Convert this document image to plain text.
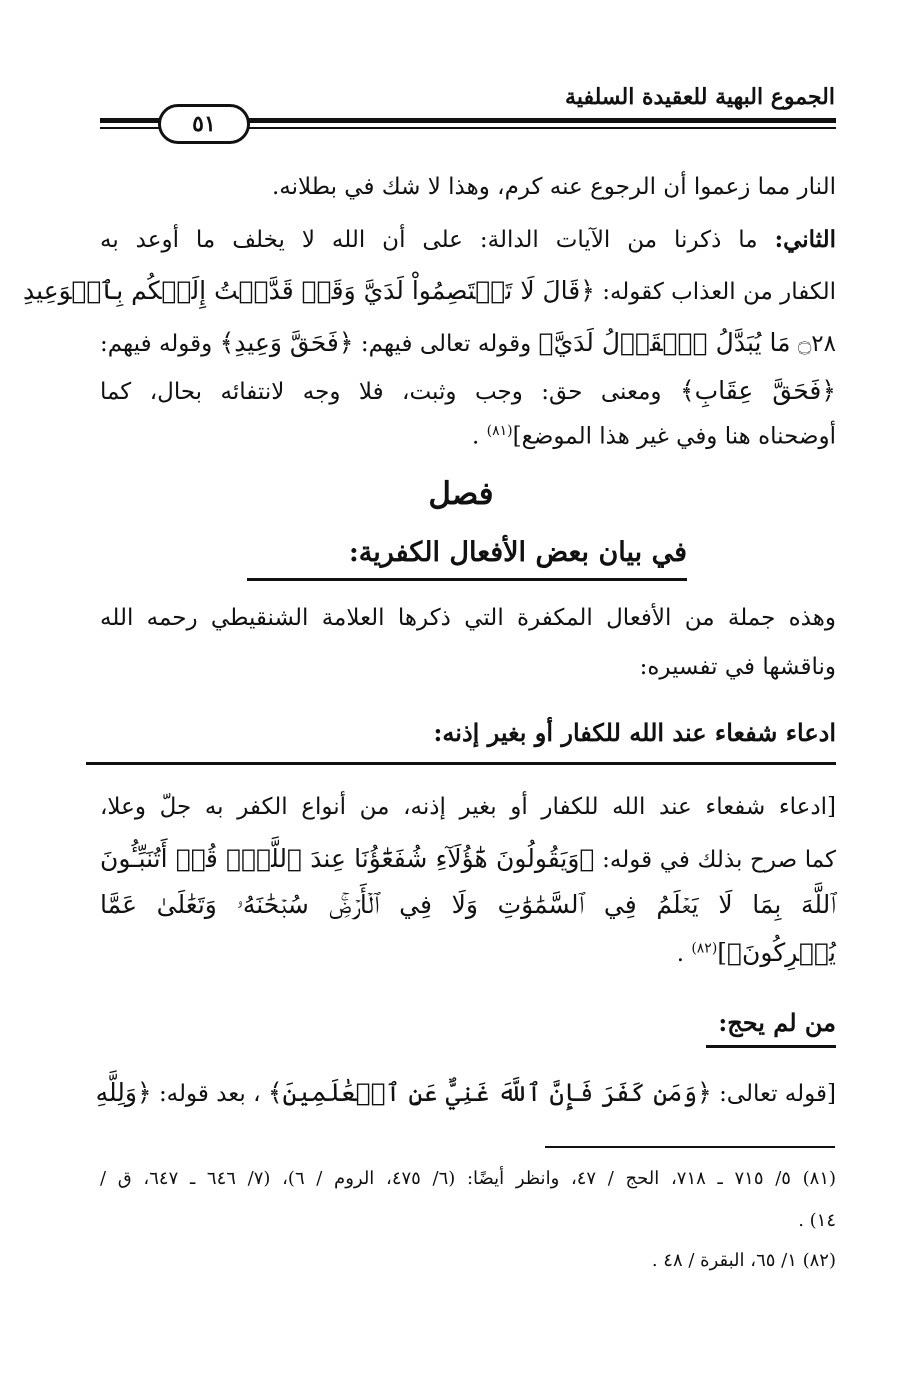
الجموع البهية للعقيدة السلفية
٥١
النار مما زعموا أن الرجوع عنه كرم، وهذا لا شك في بطلانه.
الثاني: ما ذكرنا من الآيات الدالة: على أن الله لا يخلف ما أوعد به
الكفار من العذاب كقوله: ﴿قَالَ لَا تَخۡتَصِمُواْ لَدَيَّ وَقَدۡ قَدَّمۡتُ إِلَيۡكُم بِٱلۡوَعِيدِ
۝٢٨ مَا يُبَدَّلُ ٱلۡقَوۡلُ لَدَيَّ﴾ وقوله تعالى فيهم: ﴿فَحَقَّ وَعِيدِ﴾ وقوله فيهم:
﴿فَحَقَّ عِقَابِ﴾ ومعنى حق: وجب وثبت، فلا وجه لانتفائه بحال، كما
أوضحناه هنا وفي غير هذا الموضع]$^{(٨١)}$ .
فصل
في بيان بعض الأفعال الكفرية:
وهذه جملة من الأفعال المكفرة التي ذكرها العلامة الشنقيطي رحمه الله
وناقشها في تفسيره:
ادعاء شفعاء عند الله للكفار أو بغير إذنه:
[ادعاء شفعاء عند الله للكفار أو بغير إذنه، من أنواع الكفر به جلّ وعلا،
كما صرح بذلك في قوله: ﴿وَيَقُولُونَ هَٰٓؤُلَآءِ شُفَعَٰٓؤُنَا عِندَ ٱللَّهِۚ قُلۡ أَتُنَبِّـُٔونَ
ٱللَّهَ بِمَا لَا يَعۡلَمُ فِي ٱلسَّمَٰوَٰتِ وَلَا فِي ٱلۡأَرۡضِۚ سُبۡحَٰنَهُۥ وَتَعَٰلَىٰ عَمَّا
يُشۡرِكُونَ﴾]$^{(٨٢)}$ .
من لم يحج:
[قوله تعالى: ﴿وَمَن كَفَرَ فَإِنَّ ٱللَّهَ غَنِيٌّ عَنِ ٱلۡعَٰلَمِينَ﴾ ، بعد قوله: ﴿وَلِلَّهِ
(٨١) ٥/ ٧١٥ ـ ٧١٨، الحج / ٤٧، وانظر أيضًا: (٦/ ٤٧٥، الروم / ٦)، (٧/ ٦٤٦ ـ ٦٤٧، ق /
١٤) .
(٨٢) ١/ ٦٥، البقرة / ٤٨ .
